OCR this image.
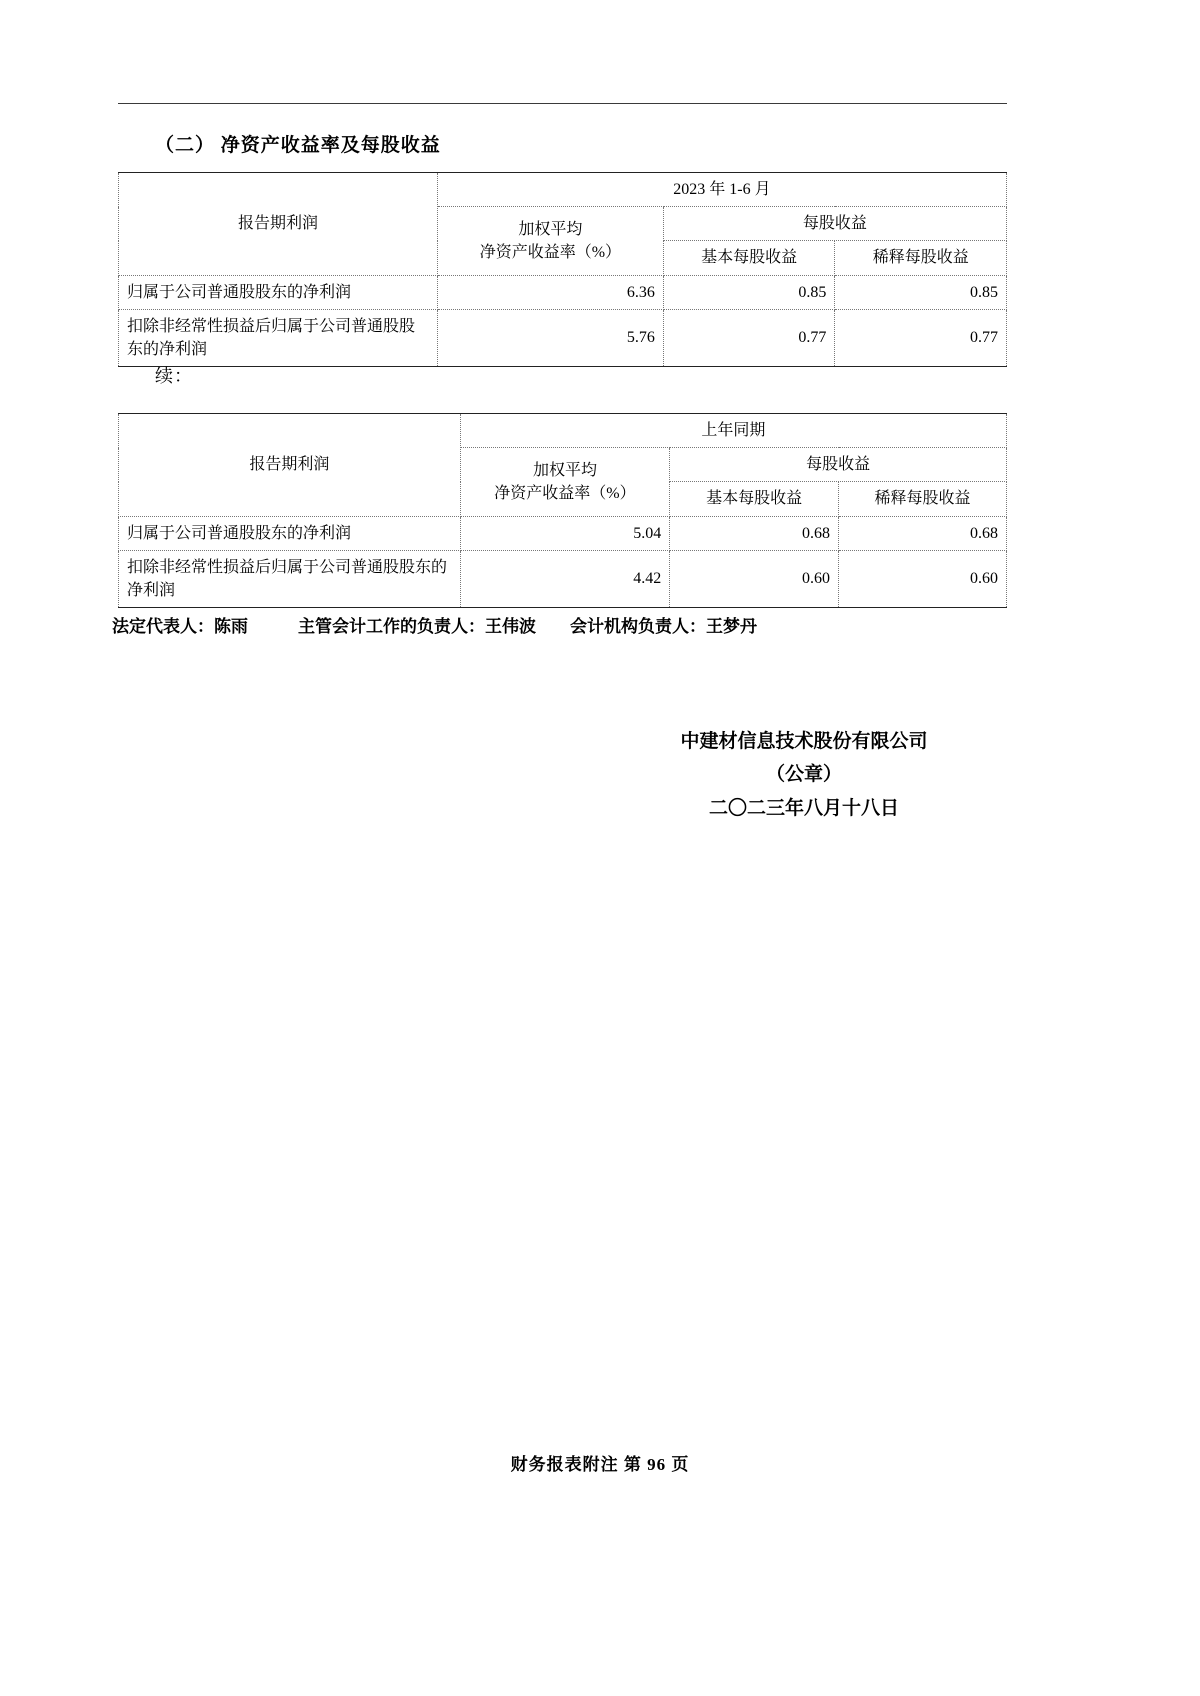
（二） 净资产收益率及每股收益
报告期利润	2023 年 1-6 月		
	加权平均
净资产收益率（%）	每股收益	
		基本每股收益	稀释每股收益
归属于公司普通股股东的净利润	6.36	0.85	0.85
扣除非经常性损益后归属于公司普通股股东的净利润	5.76	0.77	0.77
续：
报告期利润	上年同期		
	加权平均
净资产收益率（%）	每股收益	
		基本每股收益	稀释每股收益
归属于公司普通股股东的净利润	5.04	0.68	0.68
扣除非经常性损益后归属于公司普通股股东的净利润	4.42	0.60	0.60
法定代表人：陈雨	主管会计工作的负责人：王伟波 会计机构负责人：王梦丹
中建材信息技术股份有限公司
（公章）
二〇二三年八月十八日
财务报表附注 第 96 页
